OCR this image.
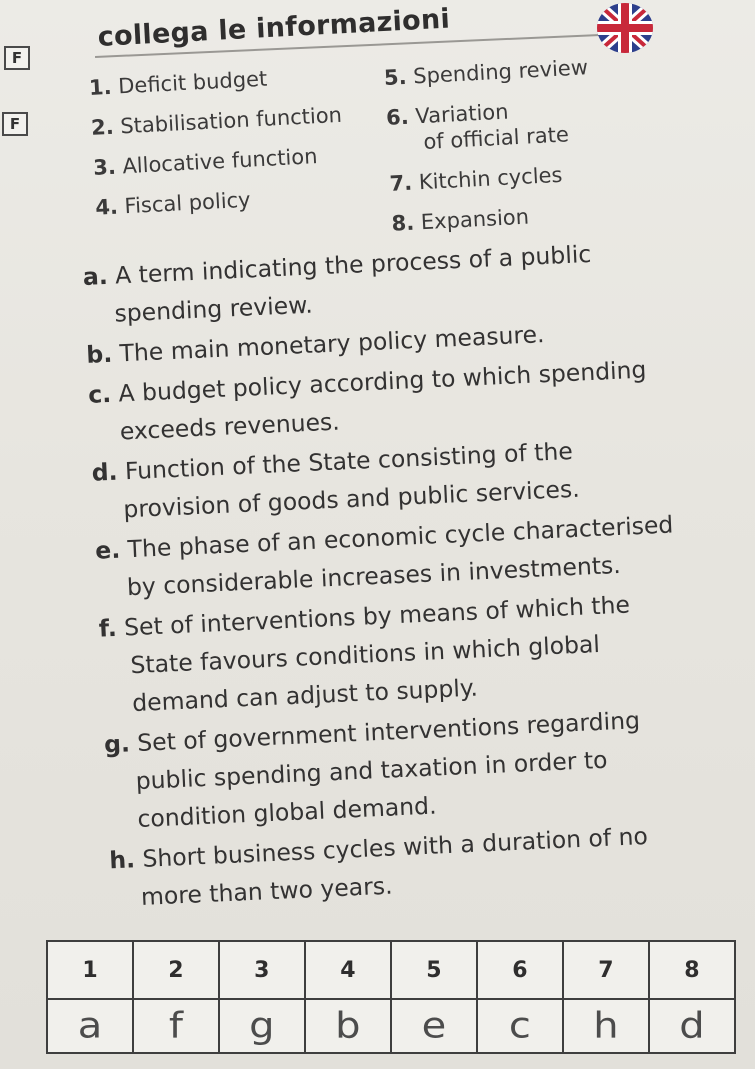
F
F
collega le informazioni
1. Deficit budget
2. Stabilisation function
3. Allocative function
4. Fiscal policy
5. Spending review
6. Variation
of official rate
7. Kitchin cycles
8. Expansion
a. A term indicating the process of a public spending review.
b. The main monetary policy measure.
c. A budget policy according to which spending exceeds revenues.
d. Function of the State consisting of the provision of goods and public services.
e. The phase of an economic cycle characterised by considerable increases in investments.
f. Set of interventions by means of which the State favours conditions in which global demand can adjust to supply.
g. Set of government interventions regarding public spending and taxation in order to condition global demand.
h. Short business cycles with a duration of no more than two years.
1	2	3	4	5	6	7	8
a	f	g	b	e	c	h	d
